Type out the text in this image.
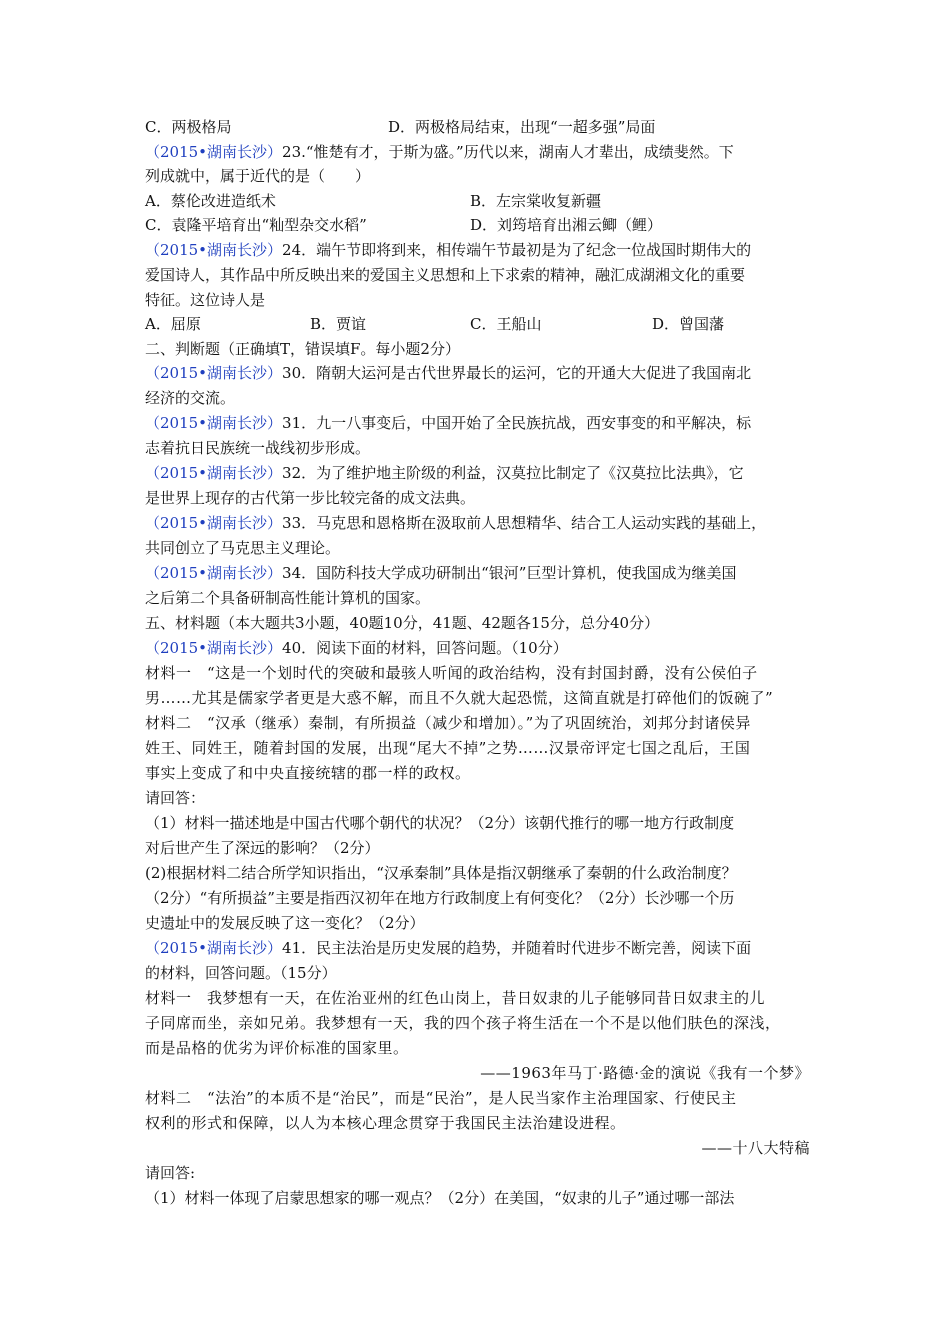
C．两极格局	D．两极格局结束，出现“一超多强”局面
（2015•湖南长沙）23.“惟楚有才，于斯为盛。”历代以来，湖南人才辈出，成绩斐然。下
列成就中，属于近代的是（　　）
A．蔡伦改进造纸术	B．左宗棠收复新疆
C．袁隆平培育出“籼型杂交水稻”	D．刘筠培育出湘云鲫（鲤）
（2015•湖南长沙）24．端午节即将到来，相传端午节最初是为了纪念一位战国时期伟大的
爱国诗人，其作品中所反映出来的爱国主义思想和上下求索的精神，融汇成湖湘文化的重要
特征。这位诗人是
A．屈原	B．贾谊	C．王船山	D．曾国藩
二、判断题（正确填T，错误填F。每小题2分）
（2015•湖南长沙）30．隋朝大运河是古代世界最长的运河，它的开通大大促进了我国南北
经济的交流。
（2015•湖南长沙）31．九一八事变后，中国开始了全民族抗战，西安事变的和平解决，标
志着抗日民族统一战线初步形成。
（2015•湖南长沙）32．为了维护地主阶级的利益，汉莫拉比制定了《汉莫拉比法典》，它
是世界上现存的古代第一步比较完备的成文法典。
（2015•湖南长沙）33．马克思和恩格斯在汲取前人思想精华、结合工人运动实践的基础上，
共同创立了马克思主义理论。
（2015•湖南长沙）34．国防科技大学成功研制出“银河”巨型计算机，使我国成为继美国
之后第二个具备研制高性能计算机的国家。
五、材料题（本大题共3小题，40题10分，41题、42题各15分，总分40分）
（2015•湖南长沙）40．阅读下面的材料，回答问题。（10分）
材料一　“这是一个划时代的突破和最骇人听闻的政治结构，没有封国封爵，没有公侯伯子
男……尤其是儒家学者更是大惑不解，而且不久就大起恐慌，这简直就是打碎他们的饭碗了”
材料二　“汉承（继承）秦制，有所损益（减少和增加）。”为了巩固统治，刘邦分封诸侯异
姓王、同姓王，随着封国的发展，出现“尾大不掉”之势……汉景帝评定七国之乱后，王国
事实上变成了和中央直接统辖的郡一样的政权。
请回答：
（1）材料一描述地是中国古代哪个朝代的状况？（2分）该朝代推行的哪一地方行政制度
对后世产生了深远的影响？（2分）
(2)根据材料二结合所学知识指出，“汉承秦制”具体是指汉朝继承了秦朝的什么政治制度？
（2分）“有所损益”主要是指西汉初年在地方行政制度上有何变化？（2分）长沙哪一个历
史遗址中的发展反映了这一变化？（2分）
（2015•湖南长沙）41．民主法治是历史发展的趋势，并随着时代进步不断完善，阅读下面
的材料，回答问题。（15分）
材料一　我梦想有一天，在佐治亚州的红色山岗上，昔日奴隶的儿子能够同昔日奴隶主的儿
子同席而坐，亲如兄弟。我梦想有一天，我的四个孩子将生活在一个不是以他们肤色的深浅，
而是品格的优劣为评价标准的国家里。
——1963年马丁·路德·金的演说《我有一个梦》
材料二　“法治”的本质不是“治民”，而是“民治”，是人民当家作主治理国家、行使民主
权利的形式和保障，以人为本核心理念贯穿于我国民主法治建设进程。
——十八大特稿
请回答:
（1）材料一体现了启蒙思想家的哪一观点？（2分）在美国，“奴隶的儿子”通过哪一部法
